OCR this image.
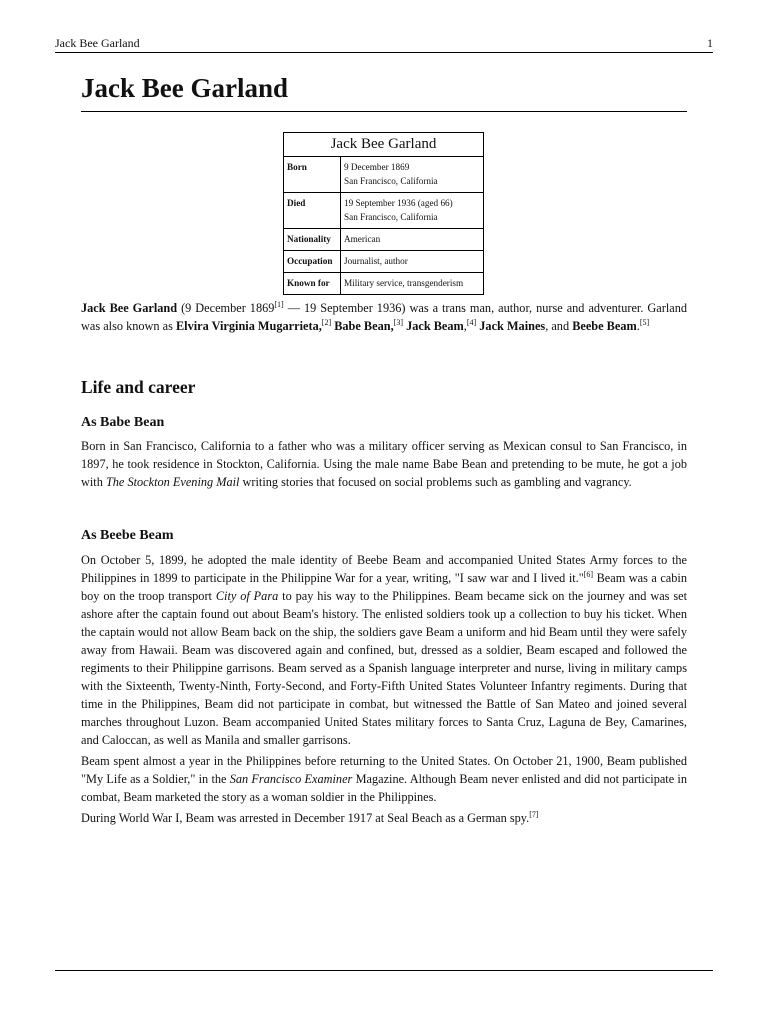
Jack Bee Garland	1
Jack Bee Garland
Jack Bee Garland	
Born	9 December 1869
San Francisco, California

Died	19 September 1936 (aged 66)
San Francisco, California

Nationality	American
Occupation	Journalist, author
Known for	Military service, transgenderism

Jack Bee Garland (9 December 1869[1] — 19 September 1936) was a trans man, author, nurse and adventurer. Garland was also known as Elvira Virginia Mugarrieta,[2] Babe Bean,[3] Jack Beam,[4] Jack Maines, and Beebe Beam.[5]

Life and career
As Babe Bean

Born in San Francisco, California to a father who was a military officer serving as Mexican consul to San Francisco, in 1897, he took residence in Stockton, California. Using the male name Babe Bean and pretending to be mute, he got a job with The Stockton Evening Mail writing stories that focused on social problems such as gambling and vagrancy.

As Beebe Beam

On October 5, 1899, he adopted the male identity of Beebe Beam and accompanied United States Army forces to the Philippines in 1899 to participate in the Philippine War for a year, writing, "I saw war and I lived it."[6] Beam was a cabin boy on the troop transport City of Para to pay his way to the Philippines. Beam became sick on the journey and was set ashore after the captain found out about Beam's history. The enlisted soldiers took up a collection to buy his ticket. When the captain would not allow Beam back on the ship, the soldiers gave Beam a uniform and hid Beam until they were safely away from Hawaii. Beam was discovered again and confined, but, dressed as a soldier, Beam escaped and followed the regiments to their Philippine garrisons. Beam served as a Spanish language interpreter and nurse, living in military camps with the Sixteenth, Twenty-Ninth, Forty-Second, and Forty-Fifth United States Volunteer Infantry regiments. During that time in the Philippines, Beam did not participate in combat, but witnessed the Battle of San Mateo and joined several marches throughout Luzon. Beam accompanied United States military forces to Santa Cruz, Laguna de Bey, Camarines, and Caloccan, as well as Manila and smaller garrisons.

Beam spent almost a year in the Philippines before returning to the United States. On October 21, 1900, Beam published "My Life as a Soldier," in the San Francisco Examiner Magazine. Although Beam never enlisted and did not participate in combat, Beam marketed the story as a woman soldier in the Philippines.

During World War I, Beam was arrested in December 1917 at Seal Beach as a German spy.[7]
